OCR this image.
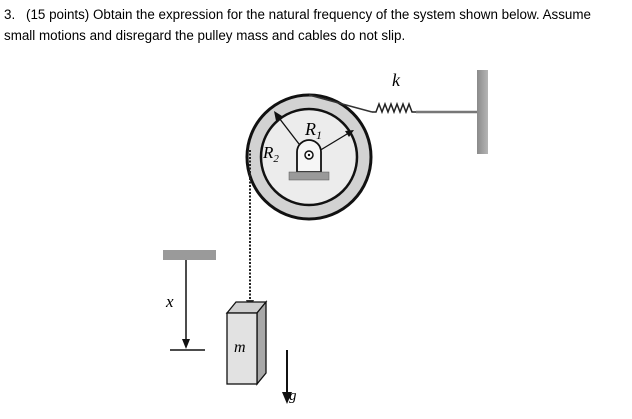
3. (15 points) Obtain the expression for the natural frequency of the system shown below. Assume
small motions and disregard the pulley mass and cables do not slip.
$R_1$
$R_2$
k
m
x
g
